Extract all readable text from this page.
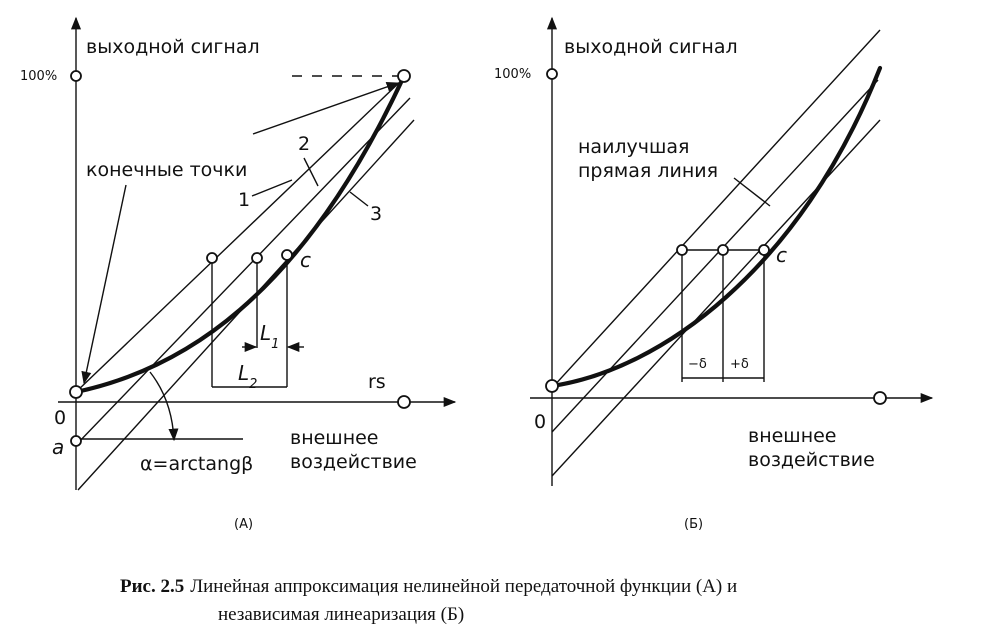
выходной сигнал
100%
конечные точки
1
2
3
c
$L_1$
$L_2$	rs
0
a	внешнее
воздействие
α=arctangβ
(A)
выходной сигнал
100%
наилучшая
прямая линия
c
−δ +δ
0
внешнее
воздействие
(Б)
Рис. 2.5 Линейная аппроксимация нелинейной передаточной функции (А) и
независимая линеаризация (Б)
